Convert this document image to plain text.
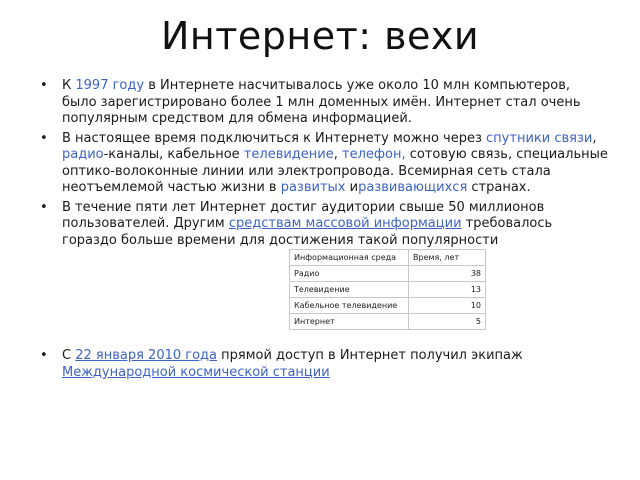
Интернет: вехи
• К 1997 году в Интернете насчитывалось уже около 10 млн компьютеров, было зарегистрировано более 1 млн доменных имён. Интернет стал очень популярным средством для обмена информацией.
• В настоящее время подключиться к Интернету можно через спутники связи, радио-каналы, кабельное телевидение, телефон, сотовую связь, специальные оптико-волоконные линии или электропровода. Всемирная сеть стала неотъемлемой частью жизни в развитых иразвивающихся странах.
• В течение пяти лет Интернет достиг аудитории свыше 50 миллионов пользователей. Другим средствам массовой информации требовалось гораздо больше времени для достижения такой популярности
• С 22 января 2010 года прямой доступ в Интернет получил экипаж Международной космической станции
Информационная среда	Время, лет
Радио	38
Телевидение	13
Кабельное телевидение	10
Интернет	5
